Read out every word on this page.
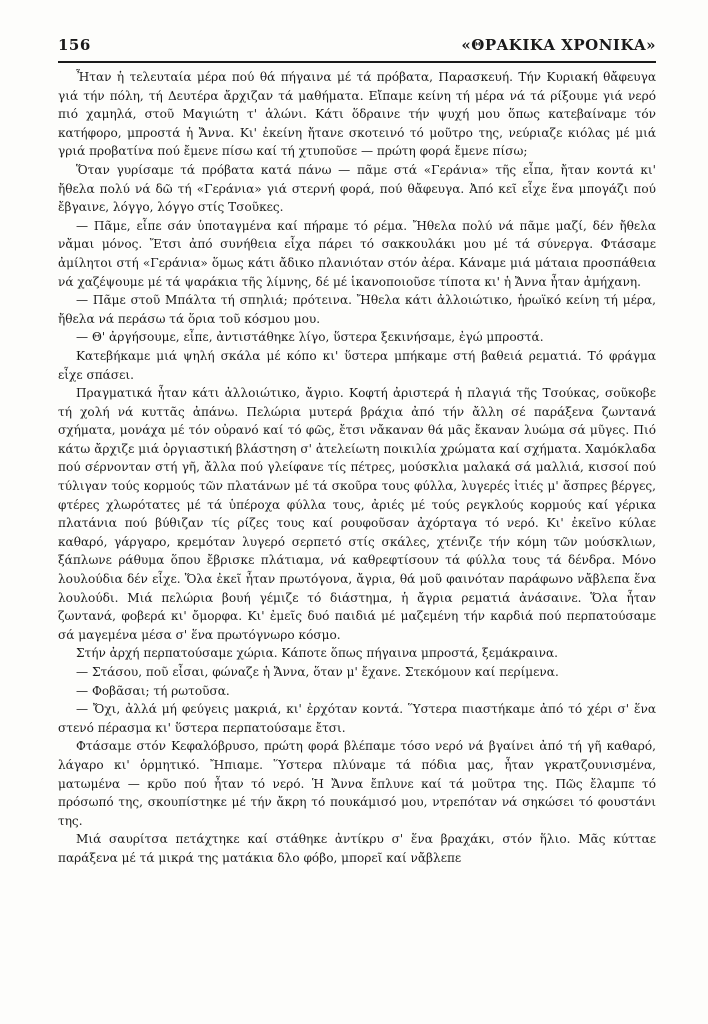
156	«ΘΡΑΚΙΚΑ ΧΡΟΝΙΚΑ»

Ἦταν ἡ τελευταία μέρα πού θά πήγαινα μέ τά πρόβατα, Παρασκευή. Τήν Κυριακή θἄφευγα γιά τήν πόλη, τή Δευτέρα ἄρχιζαν τά μαθήματα. Εἴπαμε κείνη τή μέρα νά τά ρίξουμε γιά νερό πιό χαμηλά, στοῦ Μαγιώτη τ' ἁλώνι. Κάτι ὅδραινε τήν ψυχή μου ὅπως κατεβαίναμε τόν κατήφορο, μπροστά ἡ Ἄννα. Κι' ἐκείνη ἤτανε σκοτεινό τό μοῦτρο της, νεύριαζε κιόλας μέ μιά γριά προβατίνα πού ἔμενε πίσω καί τή χτυποῦσε — πρώτη φορά ἔμενε πίσω;

Ὅταν γυρίσαμε τά πρόβατα κατά πάνω — πᾶμε στά «Γεράνια» τῆς εἶπα, ἤταν κοντά κι' ἤθελα πολύ νά δῶ τή «Γεράνια» γιά στερνή φορά, πού θἄφευγα. Ἀπό κεῖ εἶχε ἕνα μπογάζι πού ἔβγαινε, λόγγο, λόγγο στίς Τσοῦκες.

— Πᾶμε, εἶπε σάν ὑποταγμένα καί πήραμε τό ρέμα. Ἤθελα πολύ νά πᾶμε μαζί, δέν ἤθελα νἄμαι μόνος. Ἔτσι ἀπό συνήθεια εἶχα πάρει τό σακκουλάκι μου μέ τά σύνεργα. Φτάσαμε ἀμίλητοι στή «Γεράνια» ὅμως κάτι ἄδικο πλανιόταν στόν ἀέρα. Κάναμε μιά μάταια προσπάθεια νά χαζέψουμε μέ τά ψαράκια τῆς λίμνης, δέ μέ ἱκανοποιοῦσε τίποτα κι' ἡ Ἄννα ἦταν ἀμήχανη.

— Πᾶμε στοῦ Μπάλτα τή σπηλιά; πρότεινα. Ἤθελα κάτι ἀλλοιώτικο, ἡρωϊκό κείνη τή μέρα, ἤθελα νά περάσω τά ὅρια τοῦ κόσμου μου.

— Θ' ἀργήσουμε, εἶπε, ἀντιστάθηκε λίγο, ὕστερα ξεκινήσαμε, ἐγώ μπροστά.

Κατεβήκαμε μιά ψηλή σκάλα μέ κόπο κι' ὕστερα μπήκαμε στή βαθειά ρεματιά. Τό φράγμα εἶχε σπάσει.

Πραγματικά ἦταν κάτι ἀλλοιώτικο, ἄγριο. Κοφτή ἀριστερά ἡ πλαγιά τῆς Τσούκας, σοῦκοβε τή χολή νά κυττᾶς ἀπάνω. Πελώρια μυτερά βράχια ἀπό τήν ἄλλη σέ παράξενα ζωντανά σχήματα, μονάχα μέ τόν οὐρανό καί τό φῶς, ἔτσι νἄκαναν θά μᾶς ἔκαναν λυώμα σά μῦγες. Πιό κάτω ἄρχιζε μιά ὀργιαστική βλάστηση σ' ἀτελείωτη ποικιλία χρώματα καί σχήματα. Χαμόκλαδα πού σέρνονταν στή γῆ, ἄλλα πού γλείφανε τίς πέτρες, μούσκλια μαλακά σά μαλλιά, κισσοί πού τύλιγαν τούς κορμούς τῶν πλατάνων μέ τά σκοῦρα τους φύλλα, λυγερές ἰτιές μ' ἄσπρες βέργες, φτέρες χλωρότατες μέ τά ὑπέροχα φύλλα τους, ἀριές μέ τούς ρεγκλούς κορμούς καί γέρικα πλατάνια πού βύθιζαν τίς ρίζες τους καί ρουφοῦσαν ἀχόρταγα τό νερό. Κι' ἐκεῖνο κύλαε καθαρό, γάργαρο, κρεμόταν λυγερό σερπετό στίς σκάλες, χτένιζε τήν κόμη τῶν μούσκλιων, ξάπλωνε ράθυμα ὅπου ἔβρισκε πλάτιαμα, νά καθρεφτίσουν τά φύλλα τους τά δένδρα. Μόνο λουλούδια δέν εἶχε. Ὅλα ἐκεῖ ἦταν πρωτόγονα, ἄγρια, θά μοῦ φαινόταν παράφωνο νἄβλεπα ἕνα λουλούδι. Μιά πελώρια βουή γέμιζε τό διάστημα, ἡ ἄγρια ρεματιά ἀνάσαινε. Ὅλα ἦταν ζωντανά, φοβερά κι' ὄμορφα. Κι' ἐμεῖς δυό παιδιά μέ μαζεμένη τήν καρδιά πού περπατούσαμε σά μαγεμένα μέσα σ' ἕνα πρωτόγνωρο κόσμο.

Στήν ἀρχή περπατούσαμε χώρια. Κάποτε ὅπως πήγαινα μπροστά, ξεμάκραινα.

— Στάσου, ποῦ εἶσαι, φώναζε ἡ Ἄννα, ὅταν μ' ἔχανε. Στεκόμουν καί περίμενα.

— Φοβᾶσαι; τή ρωτοῦσα.

— Ὄχι, ἀλλά μή φεύγεις μακριά, κι' ἐρχόταν κοντά. Ὕστερα πιαστήκαμε ἀπό τό χέρι σ' ἕνα στενό πέρασμα κι' ὕστερα περπατούσαμε ἔτσι.

Φτάσαμε στόν Κεφαλόβρυσο, πρώτη φορά βλέπαμε τόσο νερό νά βγαίνει ἀπό τή γῆ καθαρό, λάγαρο κι' ὁρμητικό. Ἤπιαμε. Ὕστερα πλύναμε τά πόδια μας, ἦταν γκρατζουνισμένα, ματωμένα — κρῦο πού ἦταν τό νερό. Ἡ Ἄννα ἔπλυνε καί τά μοῦτρα της. Πῶς ἔλαμπε τό πρόσωπό της, σκουπίστηκε μέ τήν ἄκρη τό πουκάμισό μου, ντρεπόταν νά σηκώσει τό φουστάνι της.

Μιά σαυρίτσα πετάχτηκε καί στάθηκε ἀντίκρυ σ' ἕνα βραχάκι, στόν ἥλιο. Μᾶς κύτταε παράξενα μέ τά μικρά της ματάκια δλο φόβο, μπορεῖ καί νἄβλεπε
